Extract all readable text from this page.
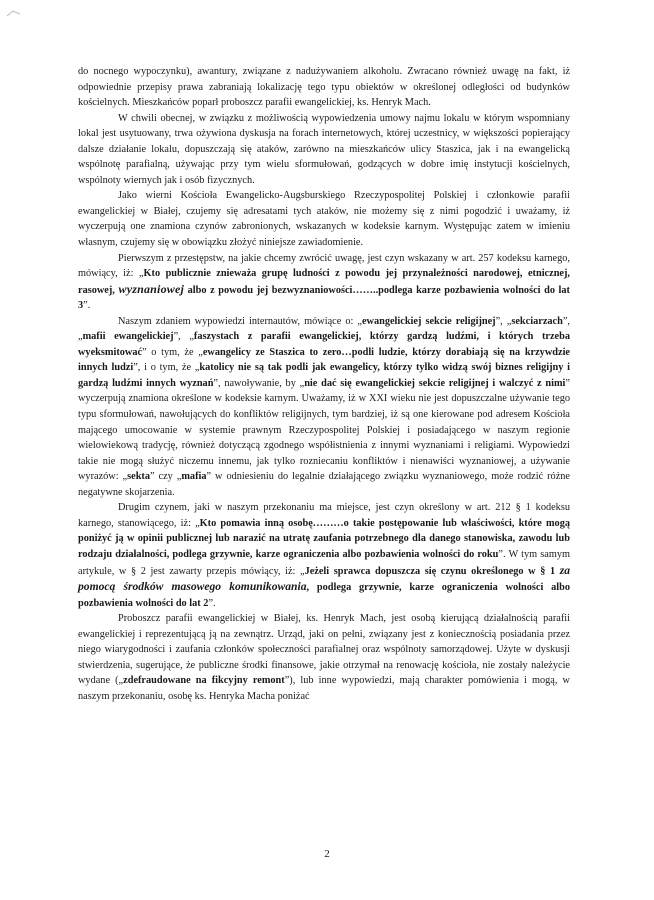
do nocnego wypoczynku), awantury, związane z nadużywaniem alkoholu. Zwracano również uwagę na fakt, iż odpowiednie przepisy prawa zabraniają lokalizację tego typu obiektów w określonej odległości od budynków kościelnych. Mieszkańców poparł proboszcz parafii ewangelickiej, ks. Henryk Mach.

W chwili obecnej, w związku z możliwością wypowiedzenia umowy najmu lokalu w którym wspomniany lokal jest usytuowany, trwa ożywiona dyskusja na forach internetowych, której uczestnicy, w większości popierający dalsze działanie lokalu, dopuszczają się ataków, zarówno na mieszkańców ulicy Staszica, jak i na ewangelicką wspólnotę parafialną, używając przy tym wielu sformułowań, godzących w dobre imię instytucji kościelnych, wspólnoty wiernych jak i osób fizycznych.

Jako wierni Kościoła Ewangelicko-Augsburskiego Rzeczypospolitej Polskiej i członkowie parafii ewangelickiej w Białej, czujemy się adresatami tych ataków, nie możemy się z nimi pogodzić i uważamy, iż wyczerpują one znamiona czynów zabronionych, wskazanych w kodeksie karnym. Występując zatem w imieniu własnym, czujemy się w obowiązku złożyć niniejsze zawiadomienie.

Pierwszym z przestępstw, na jakie chcemy zwrócić uwagę, jest czyn wskazany w art. 257 kodeksu karnego, mówiący, iż: „Kto publicznie znieważa grupę ludności z powodu jej przynależności narodowej, etnicznej, rasowej, wyznaniowej albo z powodu jej bezwyznaniowości……..podlega karze pozbawienia wolności do lat 3”.

Naszym zdaniem wypowiedzi internautów, mówiące o: „ewangelickiej sekcie religijnej”, „sekciarzach”, „mafii ewangelickiej”, „faszystach z parafii ewangelickiej, którzy gardzą ludźmi, i których trzeba wyeksmitować” o tym, że „ewangelicy ze Staszica to zero…podli ludzie, którzy dorabiają się na krzywdzie innych ludzi”, i o tym, że „katolicy nie są tak podli jak ewangelicy, którzy tylko widzą swój biznes religijny i gardzą ludźmi innych wyznań”, nawoływanie, by „nie dać się ewangelickiej sekcie religijnej i walczyć z nimi” wyczerpują znamiona określone w kodeksie karnym. Uważamy, iż w XXI wieku nie jest dopuszczalne używanie tego typu sformułowań, nawołujących do konfliktów religijnych, tym bardziej, iż są one kierowane pod adresem Kościoła mającego umocowanie w systemie prawnym Rzeczypospolitej Polskiej i posiadającego w naszym regionie wielowiekową tradycję, również dotyczącą zgodnego współistnienia z innymi wyznaniami i religiami. Wypowiedzi takie nie mogą służyć niczemu innemu, jak tylko rozniecaniu konfliktów i nienawiści wyznaniowej, a używanie wyrazów: „sekta” czy „mafia” w odniesieniu do legalnie działającego związku wyznaniowego, może rodzić różne negatywne skojarzenia.

Drugim czynem, jaki w naszym przekonaniu ma miejsce, jest czyn określony w art. 212 § 1 kodeksu karnego, stanowiącego, iż: „Kto pomawia inną osobę………o takie postępowanie lub właściwości, które mogą poniżyć ją w opinii publicznej lub narazić na utratę zaufania potrzebnego dla danego stanowiska, zawodu lub rodzaju działalności, podlega grzywnie, karze ograniczenia albo pozbawienia wolności do roku”. W tym samym artykule, w § 2 jest zawarty przepis mówiący, iż: „Jeżeli sprawca dopuszcza się czynu określonego w § 1 za pomocą środków masowego komunikowania, podlega grzywnie, karze ograniczenia wolności albo pozbawienia wolności do lat 2”.

Proboszcz parafii ewangelickiej w Białej, ks. Henryk Mach, jest osobą kierującą działalnością parafii ewangelickiej i reprezentującą ją na zewnątrz. Urząd, jaki on pełni, związany jest z koniecznością posiadania przez niego wiarygodności i zaufania członków społeczności parafialnej oraz wspólnoty samorządowej. Użyte w dyskusji stwierdzenia, sugerujące, że publiczne środki finansowe, jakie otrzymał na renowację kościoła, nie zostały należycie wydane („zdefraudowane na fikcyjny remont”), lub inne wypowiedzi, mają charakter pomówienia i mogą, w naszym przekonaniu, osobę ks. Henryka Macha poniżać

2
